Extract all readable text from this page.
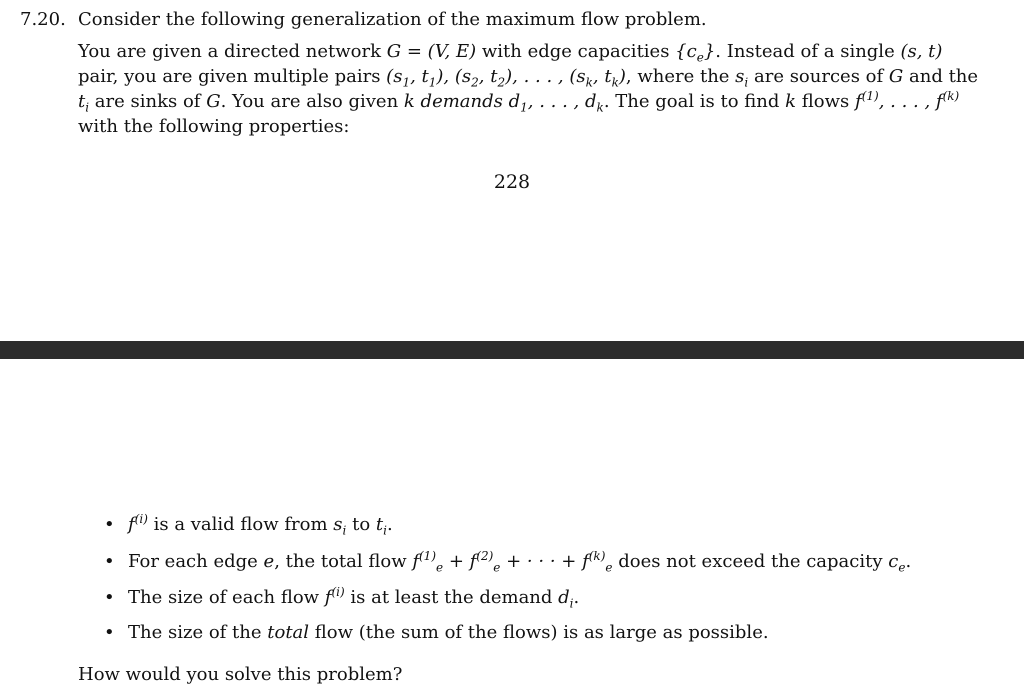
7.20. Consider the following generalization of the maximum flow problem.
You are given a directed network G = (V, E) with edge capacities $\{c_e\}$. Instead of a single (s, t)
pair, you are given multiple pairs ($s_1$, $t_1$), ($s_2$, $t_2$), . . . , ($s_k$, $t_k$), where the $s_i$ are sources of G and the
$t_i$ are sinks of G. You are also given k demands $d_1$, . . . , $d_k$. The goal is to find k flows $f^{(1)}$, . . . , $f^{(k)}$
with the following properties:
228
• $f^{(i)}$ is a valid flow from $s_i$ to $t_i$.
• For each edge e, the total flow $f^{(1)}_e + f^{(2)}_e$ + · · · + $f^{(k)}_e$ does not exceed the capacity $c_e$.
• The size of each flow $f^{(i)}$ is at least the demand $d_i$.
• The size of the total flow (the sum of the flows) is as large as possible.
How would you solve this problem?
